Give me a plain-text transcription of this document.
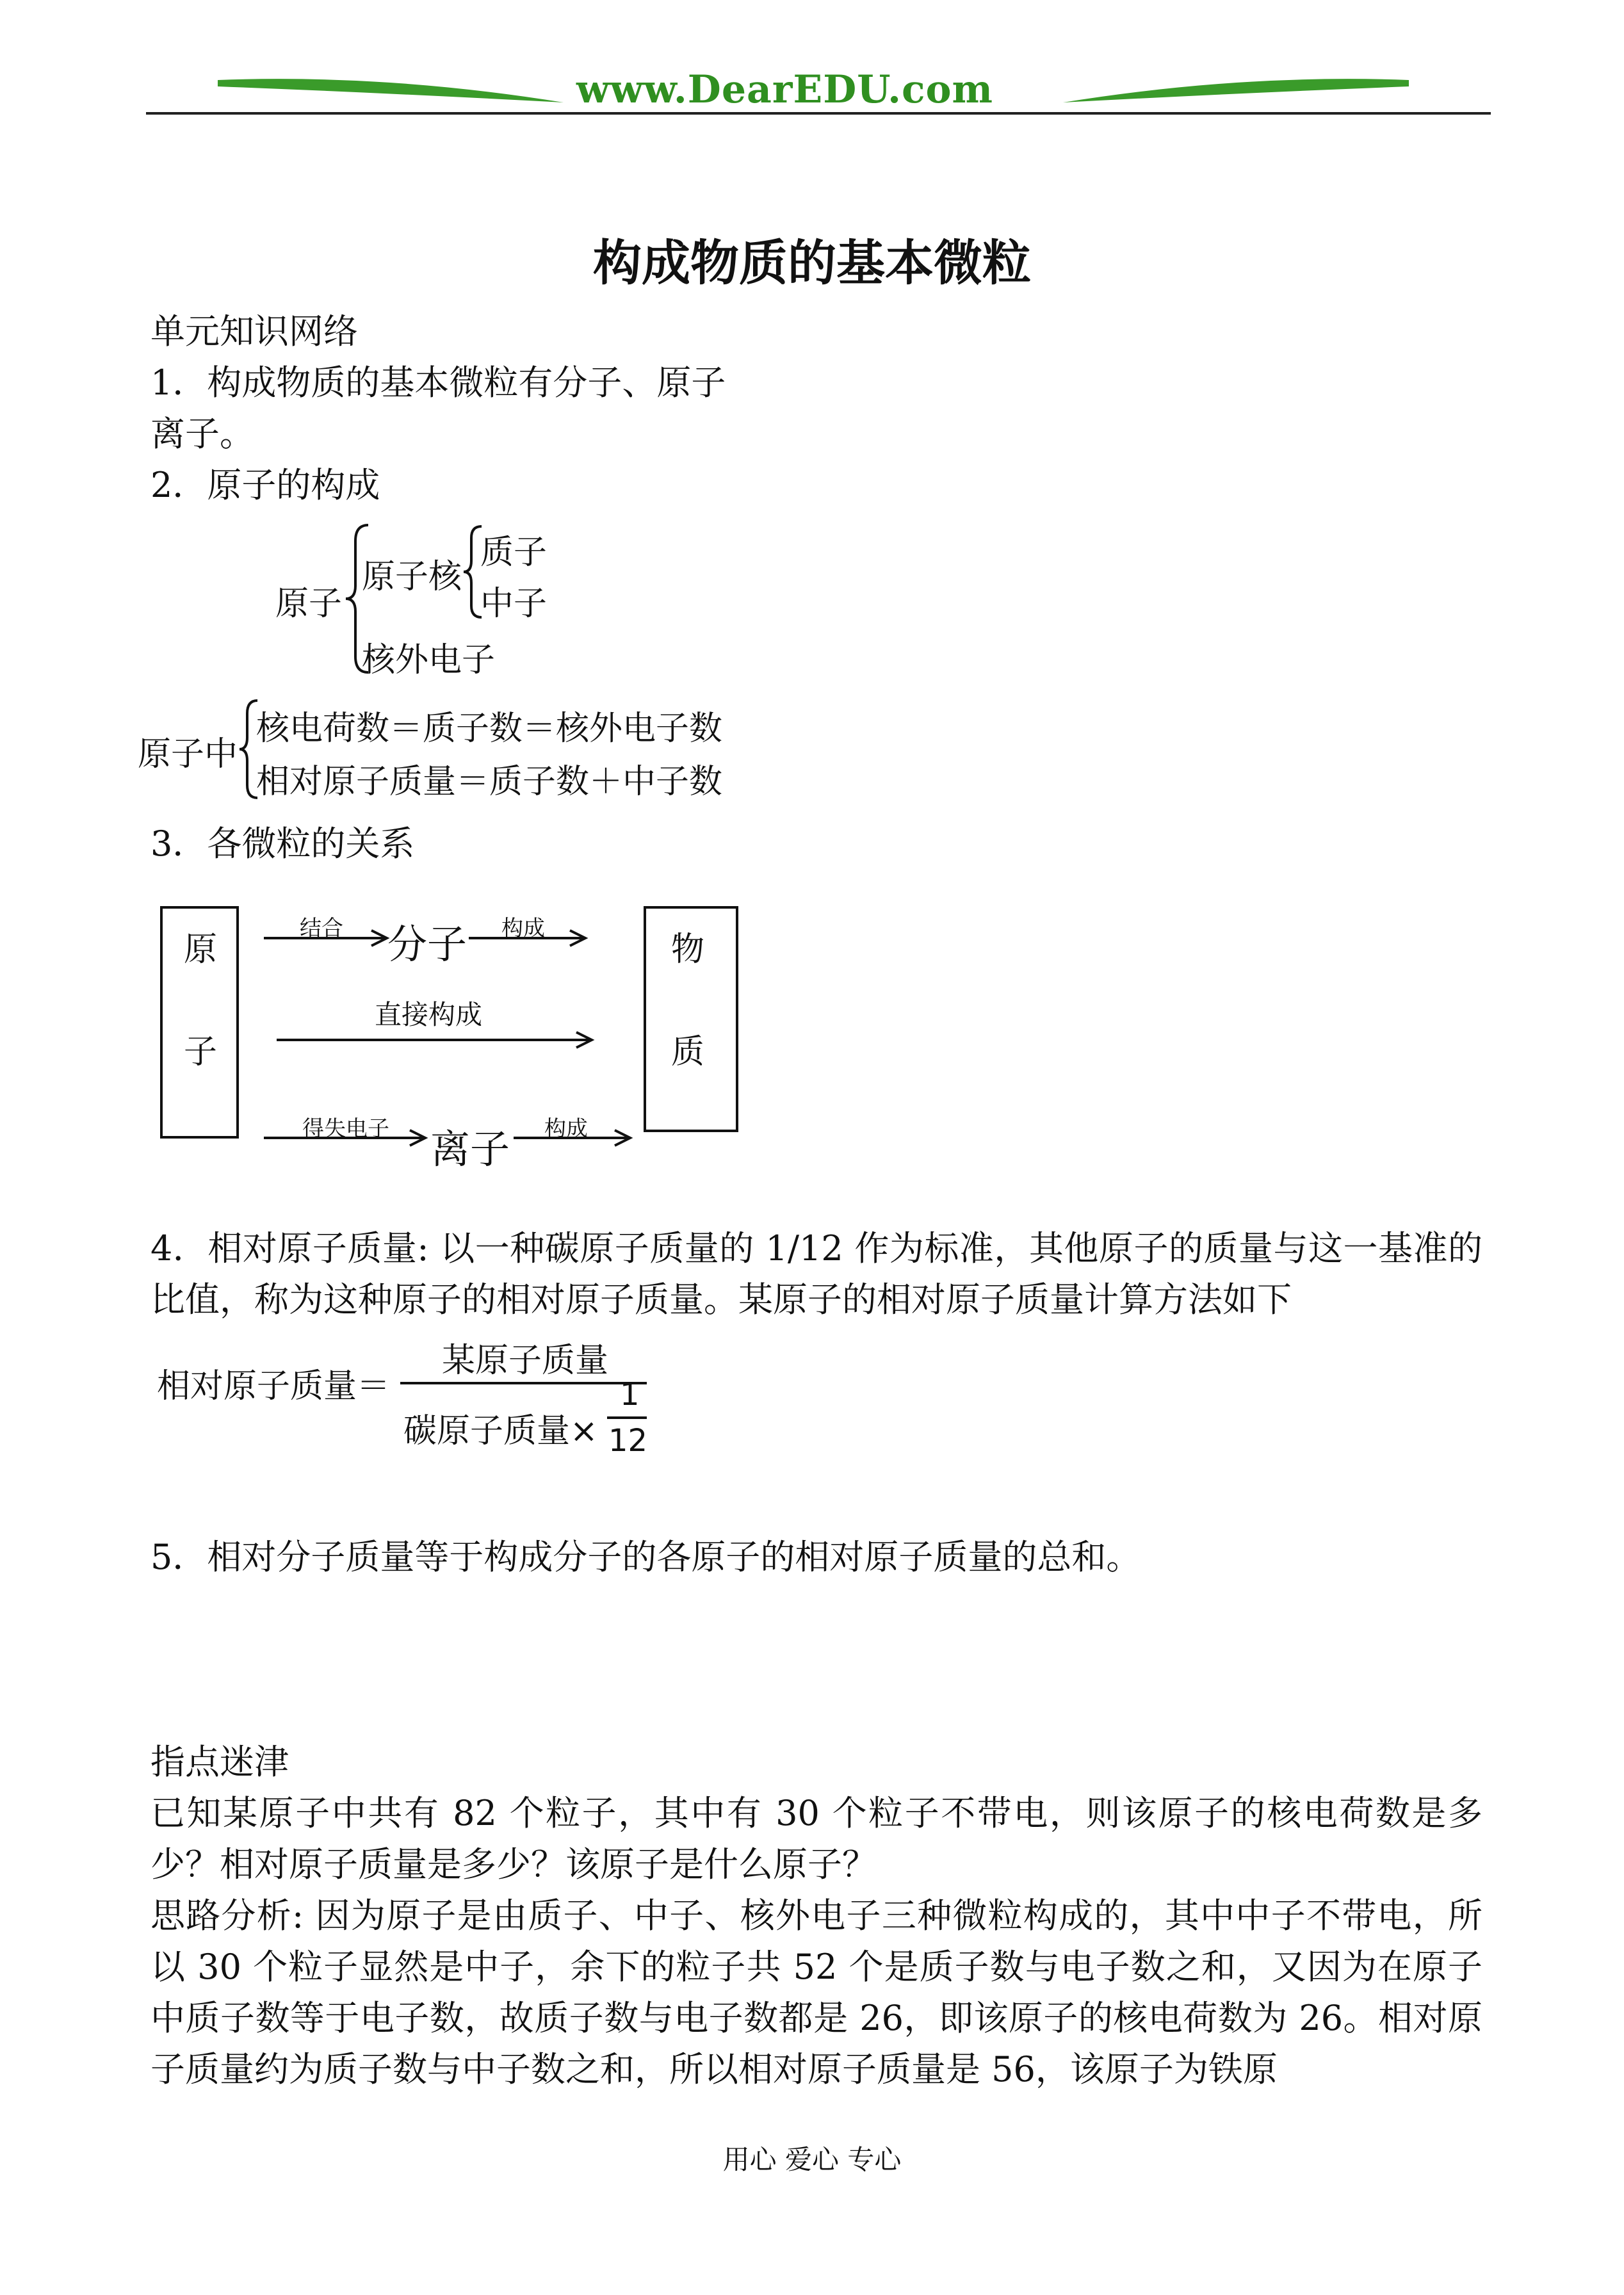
www.DearEDU.com
构成物质的基本微粒
单元知识网络
1．构成物质的基本微粒有分子、原子
离子。
2．原子的构成
原子
原子核
质子
中子
核外电子
原子中
核电荷数＝质子数＝核外电子数
相对原子质量＝质子数＋中子数
3．各微粒的关系
原
子
物
质
结合 分子 构成
直接构成
得失电子 离子 构成
4．相对原子质量: 以一种碳原子质量的 1/12 作为标准，其他原子的质量与这一基准的比值，称为这种原子的相对原子质量。某原子的相对原子质量计算方法如下
相对原子质量＝
某原子质量
碳原子质量×
1
12
5．相对分子质量等于构成分子的各原子的相对原子质量的总和。
指点迷津
已知某原子中共有 82 个粒子，其中有 30 个粒子不带电，则该原子的核电荷数是多少？相对原子质量是多少？该原子是什么原子？
思路分析: 因为原子是由质子、中子、核外电子三种微粒构成的，其中中子不带电，所以 30 个粒子显然是中子，余下的粒子共 52 个是质子数与电子数之和，又因为在原子中质子数等于电子数，故质子数与电子数都是 26，即该原子的核电荷数为 26。相对原子质量约为质子数与中子数之和，所以相对原子质量是 56，该原子为铁原
用心 爱心 专心
